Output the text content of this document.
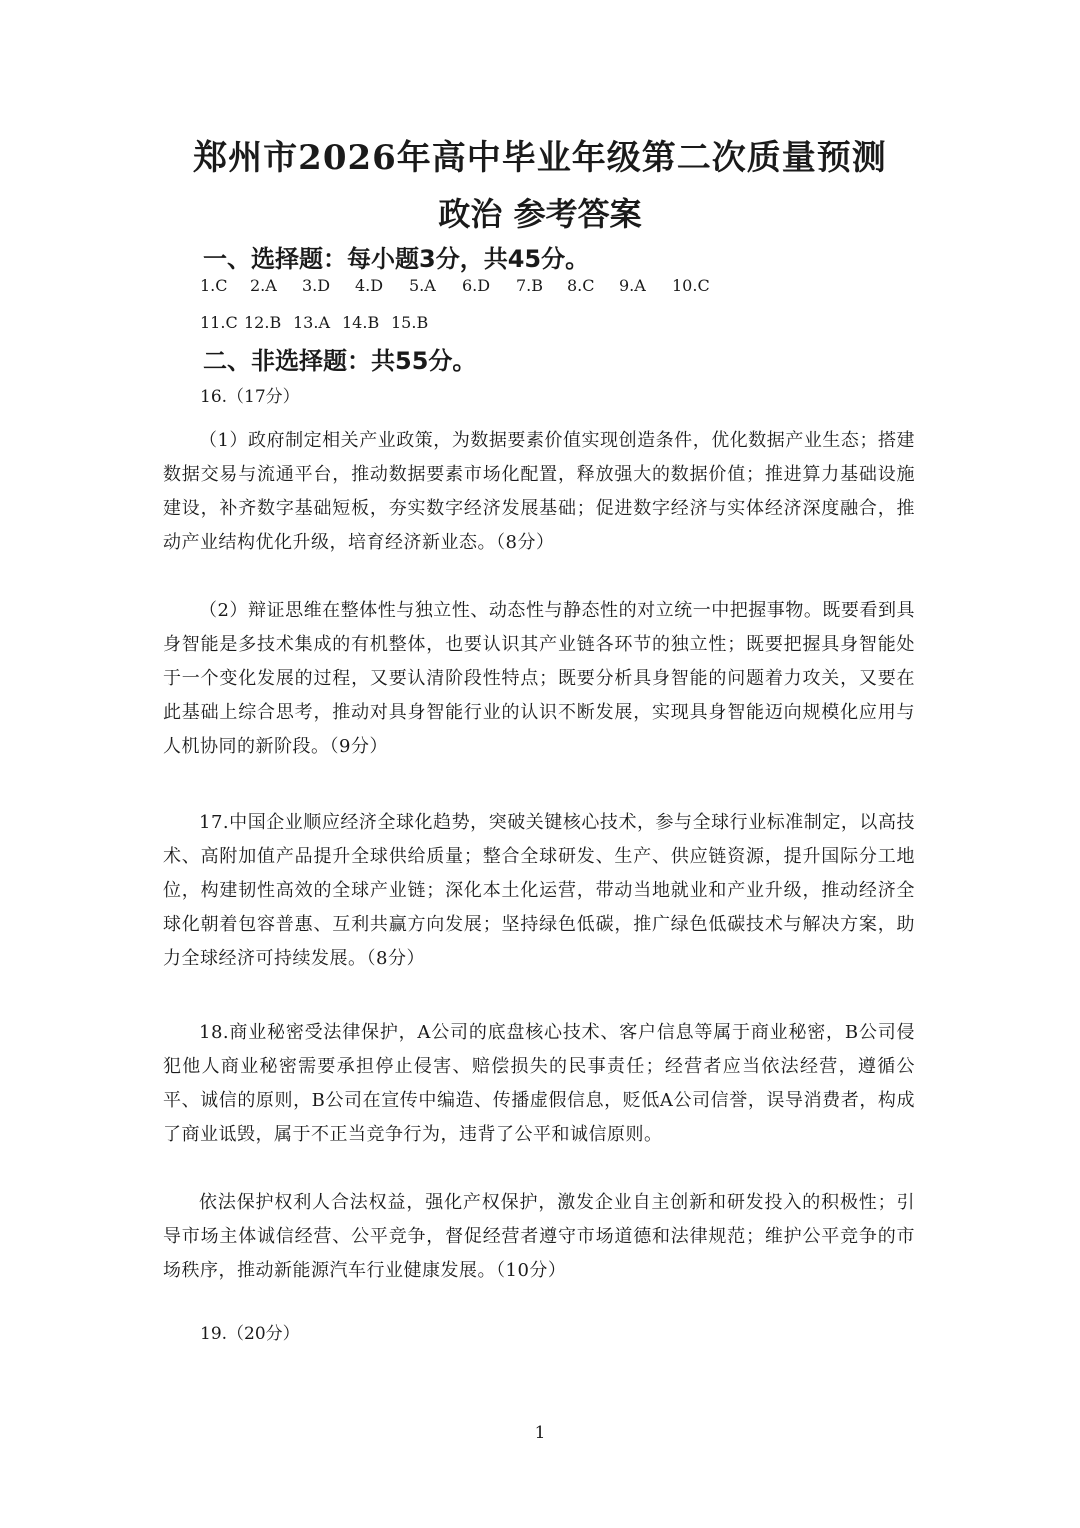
郑州市2026年高中毕业年级第二次质量预测
政治 参考答案
一、选择题：每小题3分，共45分。
1.C 2.A 3.D 4.D 5.A 6.D 7.B 8.C 9.A 10.C
11.C 12.B 13.A 14.B 15.B
二、非选择题：共55分。

16.（17分）

（1）政府制定相关产业政策，为数据要素价值实现创造条件，优化数据产业生态；搭建数据交易与流通平台，推动数据要素市场化配置，释放强大的数据价值；推进算力基础设施建设，补齐数字基础短板，夯实数字经济发展基础；促进数字经济与实体经济深度融合，推动产业结构优化升级，培育经济新业态。（8分）

（2）辩证思维在整体性与独立性、动态性与静态性的对立统一中把握事物。既要看到具身智能是多技术集成的有机整体，也要认识其产业链各环节的独立性；既要把握具身智能处于一个变化发展的过程，又要认清阶段性特点；既要分析具身智能的问题着力攻关，又要在此基础上综合思考，推动对具身智能行业的认识不断发展，实现具身智能迈向规模化应用与人机协同的新阶段。（9分）

17.中国企业顺应经济全球化趋势，突破关键核心技术，参与全球行业标准制定，以高技术、高附加值产品提升全球供给质量；整合全球研发、生产、供应链资源，提升国际分工地位，构建韧性高效的全球产业链；深化本土化运营，带动当地就业和产业升级，推动经济全球化朝着包容普惠、互利共赢方向发展；坚持绿色低碳，推广绿色低碳技术与解决方案，助力全球经济可持续发展。（8分）

18.商业秘密受法律保护，A公司的底盘核心技术、客户信息等属于商业秘密，B公司侵犯他人商业秘密需要承担停止侵害、赔偿损失的民事责任；经营者应当依法经营，遵循公平、诚信的原则，B公司在宣传中编造、传播虚假信息，贬低A公司信誉，误导消费者，构成了商业诋毁，属于不正当竞争行为，违背了公平和诚信原则。

依法保护权利人合法权益，强化产权保护，激发企业自主创新和研发投入的积极性；引导市场主体诚信经营、公平竞争，督促经营者遵守市场道德和法律规范；维护公平竞争的市场秩序，推动新能源汽车行业健康发展。（10分）

19.（20分）

1
